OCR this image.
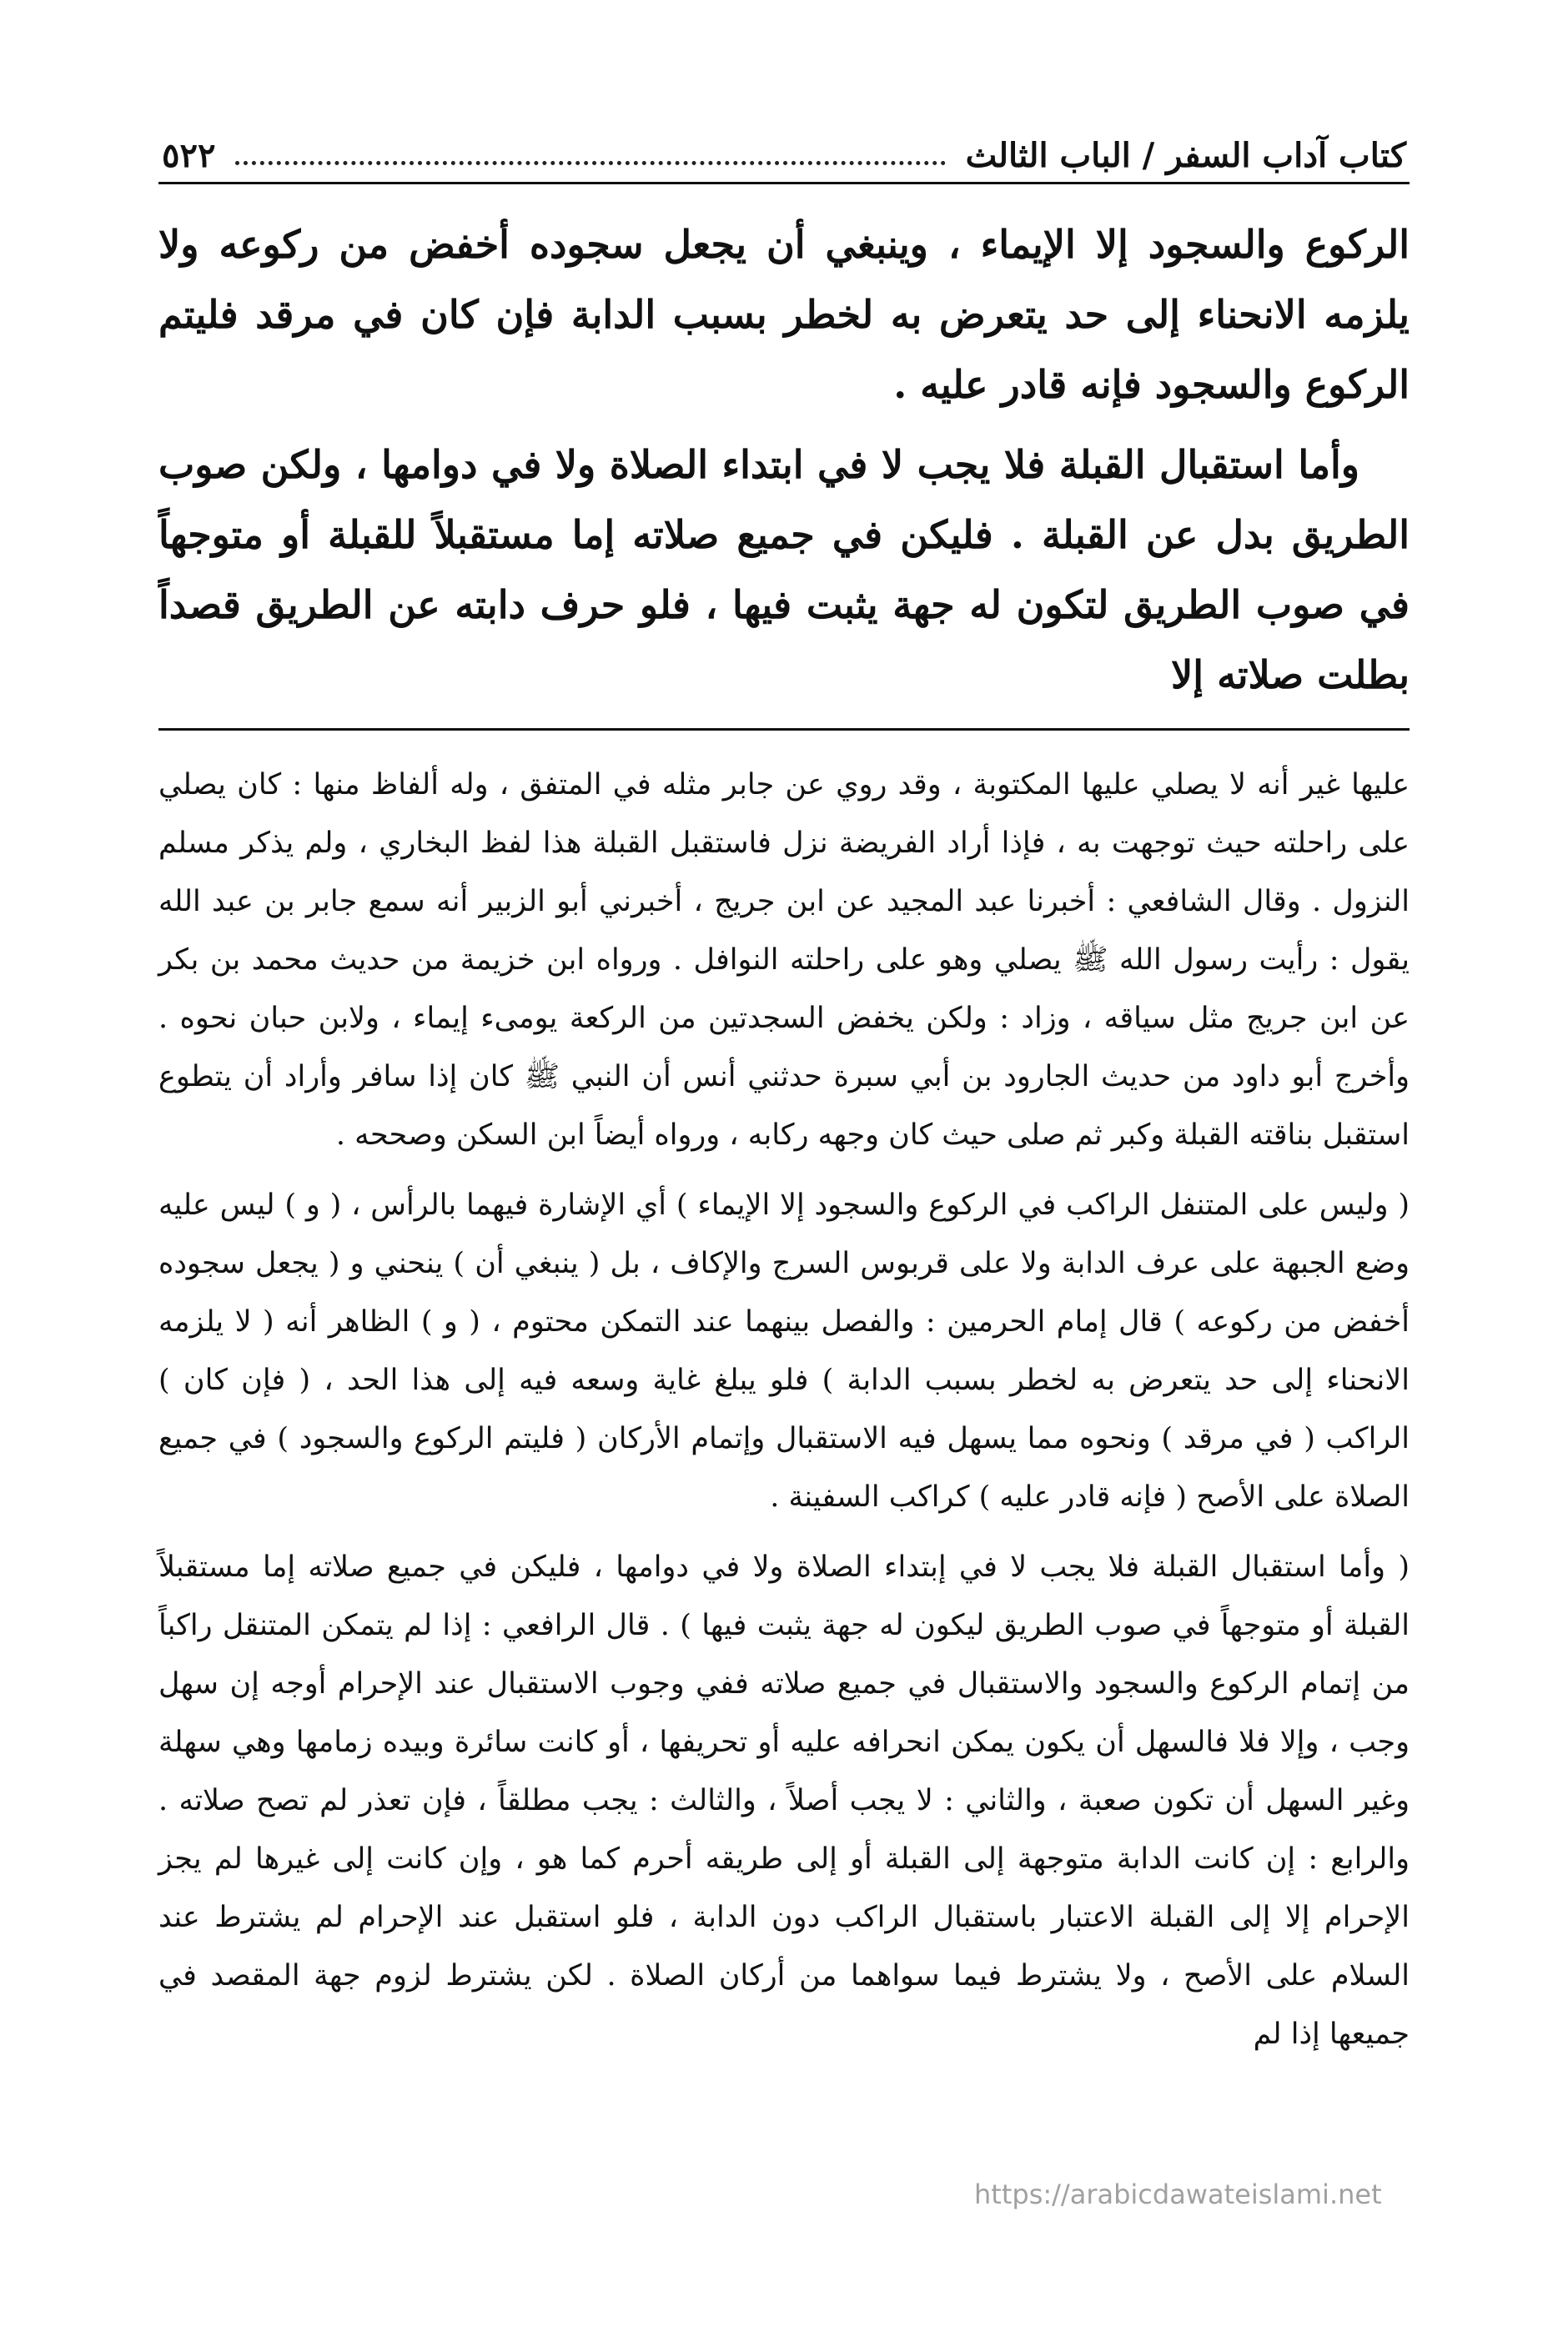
كتاب آداب السفر / الباب الثالث
٥٢٢

الركوع والسجود إلا الإيماء ، وينبغي أن يجعل سجوده أخفض من ركوعه ولا يلزمه الانحناء إلى حد يتعرض به لخطر بسبب الدابة فإن كان في مرقد فليتم الركوع والسجود فإنه قادر عليه .

وأما استقبال القبلة فلا يجب لا في ابتداء الصلاة ولا في دوامها ، ولكن صوب الطريق بدل عن القبلة . فليكن في جميع صلاته إما مستقبلاً للقبلة أو متوجهاً في صوب الطريق لتكون له جهة يثبت فيها ، فلو حرف دابته عن الطريق قصداً بطلت صلاته إلا

عليها غير أنه لا يصلي عليها المكتوبة ، وقد روي عن جابر مثله في المتفق ، وله ألفاظ منها : كان يصلي على راحلته حيث توجهت به ، فإذا أراد الفريضة نزل فاستقبل القبلة هذا لفظ البخاري ، ولم يذكر مسلم النزول . وقال الشافعي : أخبرنا عبد المجيد عن ابن جريج ، أخبرني أبو الزبير أنه سمع جابر بن عبد الله يقول : رأيت رسول الله ﷺ يصلي وهو على راحلته النوافل . ورواه ابن خزيمة من حديث محمد بن بكر عن ابن جريج مثل سياقه ، وزاد : ولكن يخفض السجدتين من الركعة يومىء إيماء ، ولابن حبان نحوه . وأخرج أبو داود من حديث الجارود بن أبي سبرة حدثني أنس أن النبي ﷺ كان إذا سافر وأراد أن يتطوع استقبل بناقته القبلة وكبر ثم صلى حيث كان وجهه ركابه ، ورواه أيضاً ابن السكن وصححه .

( وليس على المتنفل الراكب في الركوع والسجود إلا الإيماء ) أي الإشارة فيهما بالرأس ، ( و ) ليس عليه وضع الجبهة على عرف الدابة ولا على قربوس السرج والإكاف ، بل ( ينبغي أن ) ينحني و ( يجعل سجوده أخفض من ركوعه ) قال إمام الحرمين : والفصل بينهما عند التمكن محتوم ، ( و ) الظاهر أنه ( لا يلزمه الانحناء إلى حد يتعرض به لخطر بسبب الدابة ) فلو يبلغ غاية وسعه فيه إلى هذا الحد ، ( فإن كان ) الراكب ( في مرقد ) ونحوه مما يسهل فيه الاستقبال وإتمام الأركان ( فليتم الركوع والسجود ) في جميع الصلاة على الأصح ( فإنه قادر عليه ) كراكب السفينة .

( وأما استقبال القبلة فلا يجب لا في إبتداء الصلاة ولا في دوامها ، فليكن في جميع صلاته إما مستقبلاً القبلة أو متوجهاً في صوب الطريق ليكون له جهة يثبت فيها ) . قال الرافعي : إذا لم يتمكن المتنقل راكباً من إتمام الركوع والسجود والاستقبال في جميع صلاته ففي وجوب الاستقبال عند الإحرام أوجه إن سهل وجب ، وإلا فلا فالسهل أن يكون يمكن انحرافه عليه أو تحريفها ، أو كانت سائرة وبيده زمامها وهي سهلة وغير السهل أن تكون صعبة ، والثاني : لا يجب أصلاً ، والثالث : يجب مطلقاً ، فإن تعذر لم تصح صلاته . والرابع : إن كانت الدابة متوجهة إلى القبلة أو إلى طريقه أحرم كما هو ، وإن كانت إلى غيرها لم يجز الإحرام إلا إلى القبلة الاعتبار باستقبال الراكب دون الدابة ، فلو استقبل عند الإحرام لم يشترط عند السلام على الأصح ، ولا يشترط فيما سواهما من أركان الصلاة . لكن يشترط لزوم جهة المقصد في جميعها إذا لم

https://arabicdawateislami.net
